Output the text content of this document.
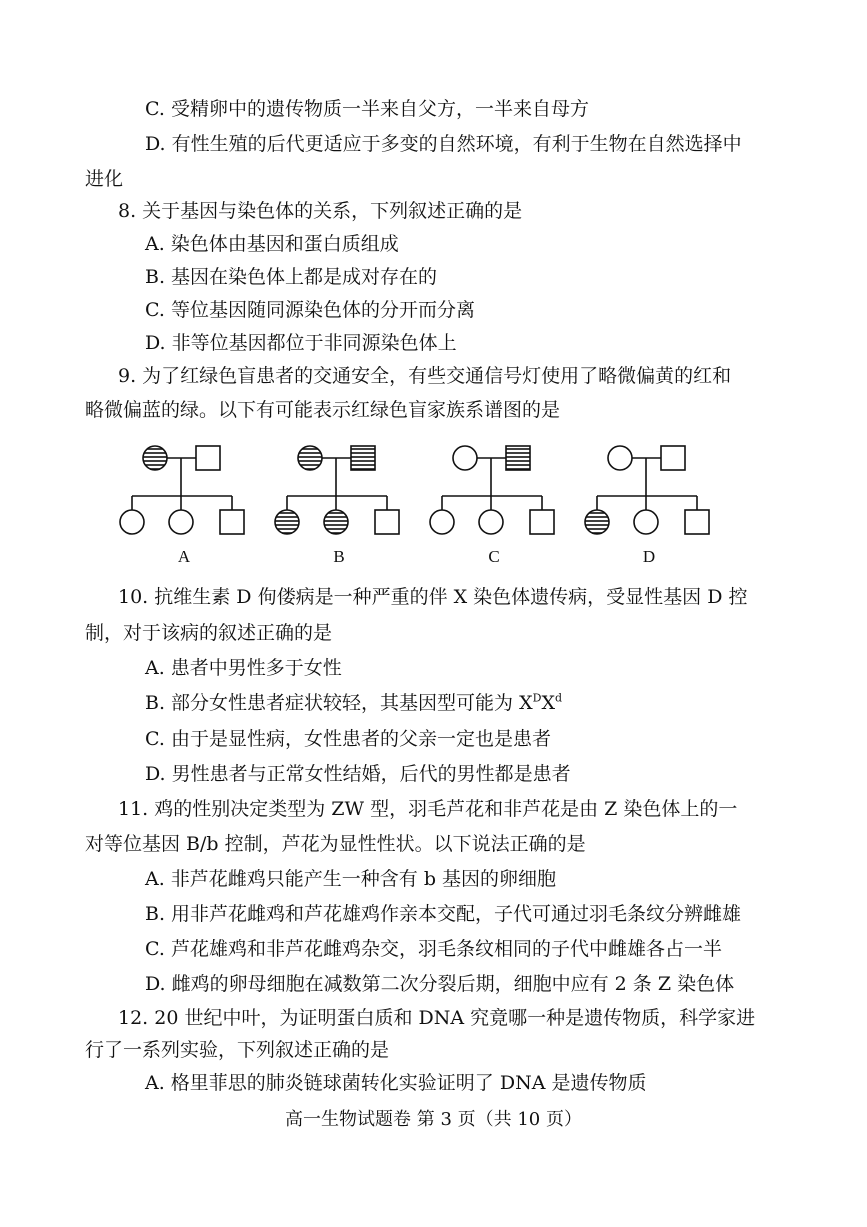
C. 受精卵中的遗传物质一半来自父方，一半来自母方
D. 有性生殖的后代更适应于多变的自然环境，有利于生物在自然选择中
进化
8. 关于基因与染色体的关系，下列叙述正确的是
A. 染色体由基因和蛋白质组成
B. 基因在染色体上都是成对存在的
C. 等位基因随同源染色体的分开而分离
D. 非等位基因都位于非同源染色体上
9. 为了红绿色盲患者的交通安全，有些交通信号灯使用了略微偏黄的红和
略微偏蓝的绿。以下有可能表示红绿色盲家族系谱图的是
A	B	C	D
10. 抗维生素 D 佝偻病是一种严重的伴 X 染色体遗传病，受显性基因 D 控
制，对于该病的叙述正确的是
A. 患者中男性多于女性
B. 部分女性患者症状较轻，其基因型可能为 $X^DX^d$
C. 由于是显性病，女性患者的父亲一定也是患者
D. 男性患者与正常女性结婚，后代的男性都是患者
11. 鸡的性别决定类型为 ZW 型，羽毛芦花和非芦花是由 Z 染色体上的一
对等位基因 B/b 控制，芦花为显性性状。以下说法正确的是
A. 非芦花雌鸡只能产生一种含有 b 基因的卵细胞
B. 用非芦花雌鸡和芦花雄鸡作亲本交配，子代可通过羽毛条纹分辨雌雄
C. 芦花雄鸡和非芦花雌鸡杂交，羽毛条纹相同的子代中雌雄各占一半
D. 雌鸡的卵母细胞在减数第二次分裂后期，细胞中应有 2 条 Z 染色体
12. 20 世纪中叶，为证明蛋白质和 DNA 究竟哪一种是遗传物质，科学家进
行了一系列实验，下列叙述正确的是
A. 格里菲思的肺炎链球菌转化实验证明了 DNA 是遗传物质
高一生物试题卷 第 3 页（共 10 页）
